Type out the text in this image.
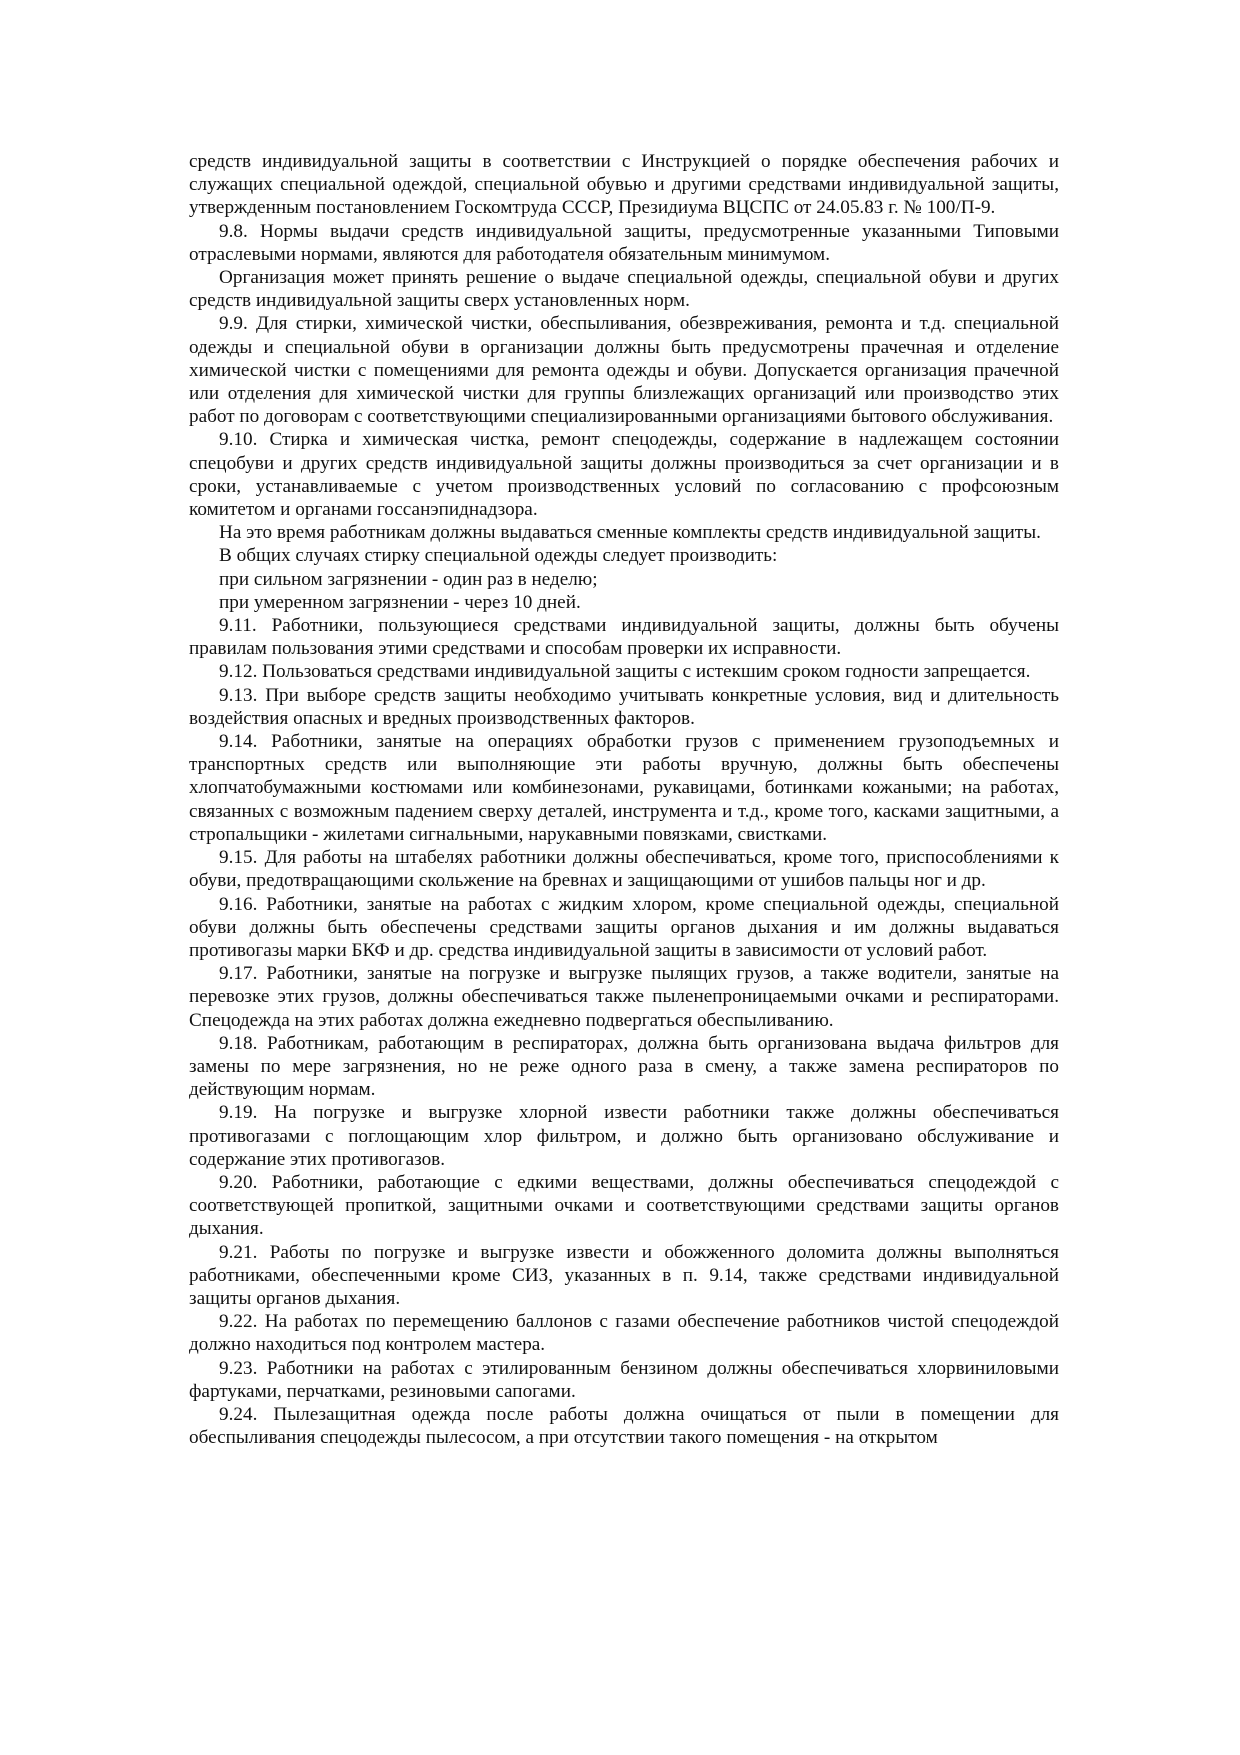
средств индивидуальной защиты в соответствии с Инструкцией о порядке обеспечения рабочих и служащих специальной одеждой, специальной обувью и другими средствами индивидуальной защиты, утвержденным постановлением Госкомтруда СССР, Президиума ВЦСПС от 24.05.83 г. № 100/П-9.

9.8. Нормы выдачи средств индивидуальной защиты, предусмотренные указанными Типовыми отраслевыми нормами, являются для работодателя обязательным минимумом.

Организация может принять решение о выдаче специальной одежды, специальной обуви и других средств индивидуальной защиты сверх установленных норм.

9.9. Для стирки, химической чистки, обеспыливания, обезвреживания, ремонта и т.д. специальной одежды и специальной обуви в организации должны быть предусмотрены прачечная и отделение химической чистки с помещениями для ремонта одежды и обуви. Допускается организация прачечной или отделения для химической чистки для группы близлежащих организаций или производство этих работ по договорам с соответствующими специализированными организациями бытового обслуживания.

9.10. Стирка и химическая чистка, ремонт спецодежды, содержание в надлежащем состоянии спецобуви и других средств индивидуальной защиты должны производиться за счет организации и в сроки, устанавливаемые с учетом производственных условий по согласованию с профсоюзным комитетом и органами госсанэпиднадзора.

На это время работникам должны выдаваться сменные комплекты средств индивидуальной защиты.

В общих случаях стирку специальной одежды следует производить:

при сильном загрязнении - один раз в неделю;

при умеренном загрязнении - через 10 дней.

9.11. Работники, пользующиеся средствами индивидуальной защиты, должны быть обучены правилам пользования этими средствами и способам проверки их исправности.

9.12. Пользоваться средствами индивидуальной защиты с истекшим сроком годности запрещается.

9.13. При выборе средств защиты необходимо учитывать конкретные условия, вид и длительность воздействия опасных и вредных производственных факторов.

9.14. Работники, занятые на операциях обработки грузов с применением грузоподъемных и транспортных средств или выполняющие эти работы вручную, должны быть обеспечены хлопчатобумажными костюмами или комбинезонами, рукавицами, ботинками кожаными; на работах, связанных с возможным падением сверху деталей, инструмента и т.д., кроме того, касками защитными, а стропальщики - жилетами сигнальными, нарукавными повязками, свистками.

9.15. Для работы на штабелях работники должны обеспечиваться, кроме того, приспособлениями к обуви, предотвращающими скольжение на бревнах и защищающими от ушибов пальцы ног и др.

9.16. Работники, занятые на работах с жидким хлором, кроме специальной одежды, специальной обуви должны быть обеспечены средствами защиты органов дыхания и им должны выдаваться противогазы марки БКФ и др. средства индивидуальной защиты в зависимости от условий работ.

9.17. Работники, занятые на погрузке и выгрузке пылящих грузов, а также водители, занятые на перевозке этих грузов, должны обеспечиваться также пыленепроницаемыми очками и респираторами. Спецодежда на этих работах должна ежедневно подвергаться обеспыливанию.

9.18. Работникам, работающим в респираторах, должна быть организована выдача фильтров для замены по мере загрязнения, но не реже одного раза в смену, а также замена респираторов по действующим нормам.

9.19. На погрузке и выгрузке хлорной извести работники также должны обеспечиваться противогазами с поглощающим хлор фильтром, и должно быть организовано обслуживание и содержание этих противогазов.

9.20. Работники, работающие с едкими веществами, должны обеспечиваться спецодеждой с соответствующей пропиткой, защитными очками и соответствующими средствами защиты органов дыхания.

9.21. Работы по погрузке и выгрузке извести и обожженного доломита должны выполняться работниками, обеспеченными кроме СИЗ, указанных в п. 9.14, также средствами индивидуальной защиты органов дыхания.

9.22. На работах по перемещению баллонов с газами обеспечение работников чистой спецодеждой должно находиться под контролем мастера.

9.23. Работники на работах с этилированным бензином должны обеспечиваться хлорвиниловыми фартуками, перчатками, резиновыми сапогами.

9.24. Пылезащитная одежда после работы должна очищаться от пыли в помещении для обеспыливания спецодежды пылесосом, а при отсутствии такого помещения - на открытом
